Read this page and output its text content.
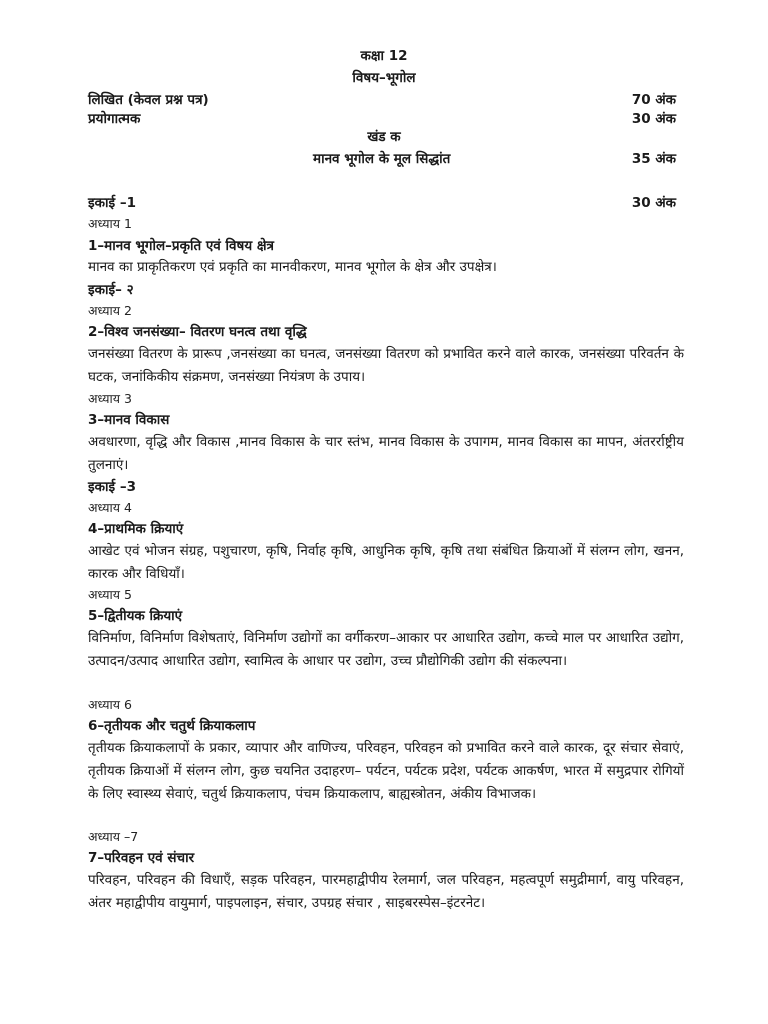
कक्षा 12
विषय–भूगोल
लिखित (केवल प्रश्न पत्र)	70 अंक
प्रयोगात्मक	30 अंक
खंड क
मानव भूगोल के मूल सिद्धांत	35 अंक
इकाई –1	30 अंक
अध्याय 1
1–मानव भूगोल–प्रकृति एवं विषय क्षेत्र
मानव का प्राकृतिकरण एवं प्रकृति का मानवीकरण, मानव भूगोल के क्षेत्र और उपक्षेत्र।
इकाई– २
अध्याय 2
2–विश्व जनसंख्या– वितरण घनत्व तथा वृद्धि
जनसंख्या वितरण के प्रारूप ,जनसंख्या का घनत्व, जनसंख्या वितरण को प्रभावित करने वाले कारक, जनसंख्या परिवर्तन के घटक, जनांकिकीय संक्रमण, जनसंख्या नियंत्रण के उपाय।
अध्याय 3
3–मानव विकास
अवधारणा, वृद्धि और विकास ,मानव विकास के चार स्तंभ, मानव विकास के उपागम, मानव विकास का मापन, अंतरर्राष्ट्रीय तुलनाएं।
इकाई –3
अध्याय 4
4–प्राथमिक क्रियाएं
आखेट एवं भोजन संग्रह, पशुचारण, कृषि, निर्वाह कृषि, आधुनिक कृषि, कृषि तथा संबंधित क्रियाओं में संलग्न लोग, खनन, कारक और विधियाँ।
अध्याय 5
5–द्वितीयक क्रियाएं
विनिर्माण, विनिर्माण विशेषताएं, विनिर्माण उद्योगों का वर्गीकरण–आकार पर आधारित उद्योग, कच्चे माल पर आधारित उद्योग, उत्पादन/उत्पाद आधारित उद्योग, स्वामित्व के आधार पर उद्योग, उच्च प्रौद्योगिकी उद्योग की संकल्पना।
अध्याय 6
6–तृतीयक और चतुर्थ क्रियाकलाप
तृतीयक क्रियाकलापों के प्रकार, व्यापार और वाणिज्य, परिवहन, परिवहन को प्रभावित करने वाले कारक, दूर संचार सेवाएं, तृतीयक क्रियाओं में संलग्न लोग, कुछ चयनित उदाहरण– पर्यटन, पर्यटक प्रदेश, पर्यटक आकर्षण, भारत में समुद्रपार रोगियों के लिए स्वास्थ्य सेवाएं, चतुर्थ क्रियाकलाप, पंचम क्रियाकलाप, बाह्यस्त्रोतन, अंकीय विभाजक।
अध्याय –7
7–परिवहन एवं संचार
परिवहन, परिवहन की विधाएँ, सड़क परिवहन, पारमहाद्वीपीय रेलमार्ग, जल परिवहन, महत्वपूर्ण समुद्रीमार्ग, वायु परिवहन, अंतर महाद्वीपीय वायुमार्ग, पाइपलाइन, संचार, उपग्रह संचार , साइबरस्पेस–इंटरनेट।
